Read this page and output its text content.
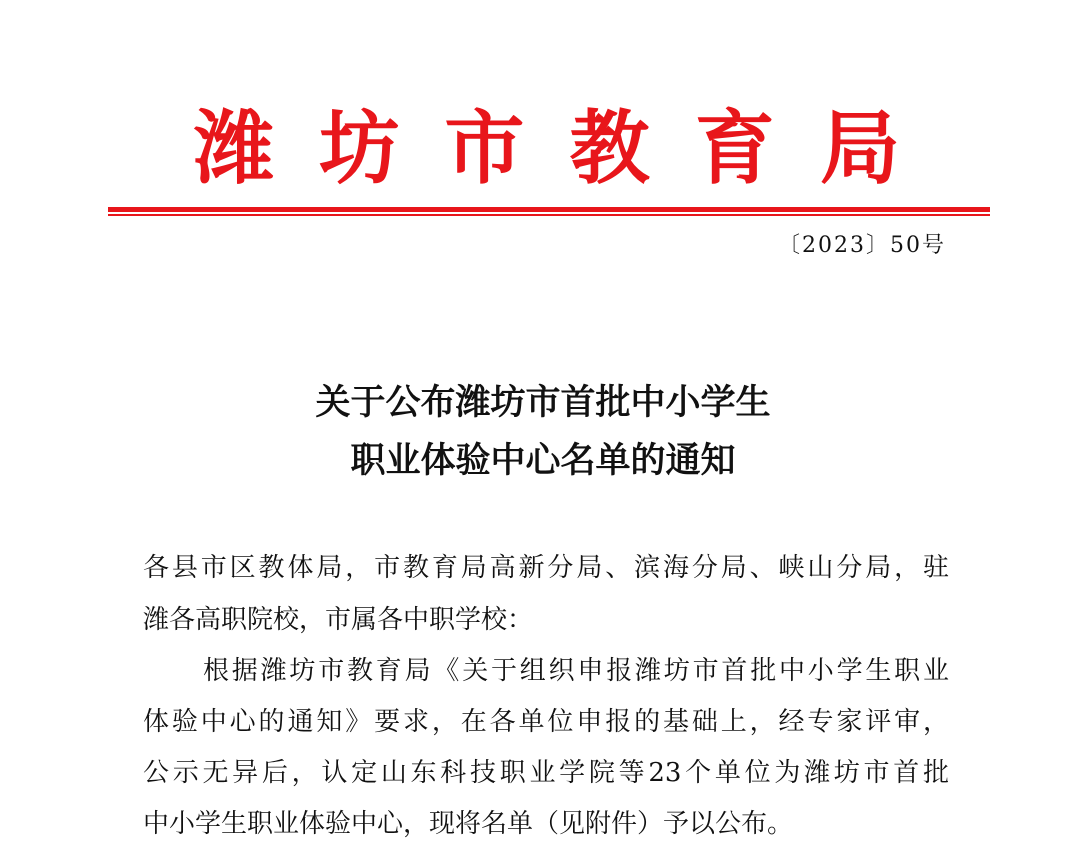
潍 坊 市 教 育 局
〔2023〕50号
关于公布潍坊市首批中小学生
职业体验中心名单的通知
各县市区教体局，市教育局高新分局、滨海分局、峡山分局，驻
潍各高职院校，市属各中职学校：
根据潍坊市教育局《关于组织申报潍坊市首批中小学生职业
体验中心的通知》要求，在各单位申报的基础上，经专家评审，
公示无异后，认定山东科技职业学院等23个单位为潍坊市首批
中小学生职业体验中心，现将名单（见附件）予以公布。
